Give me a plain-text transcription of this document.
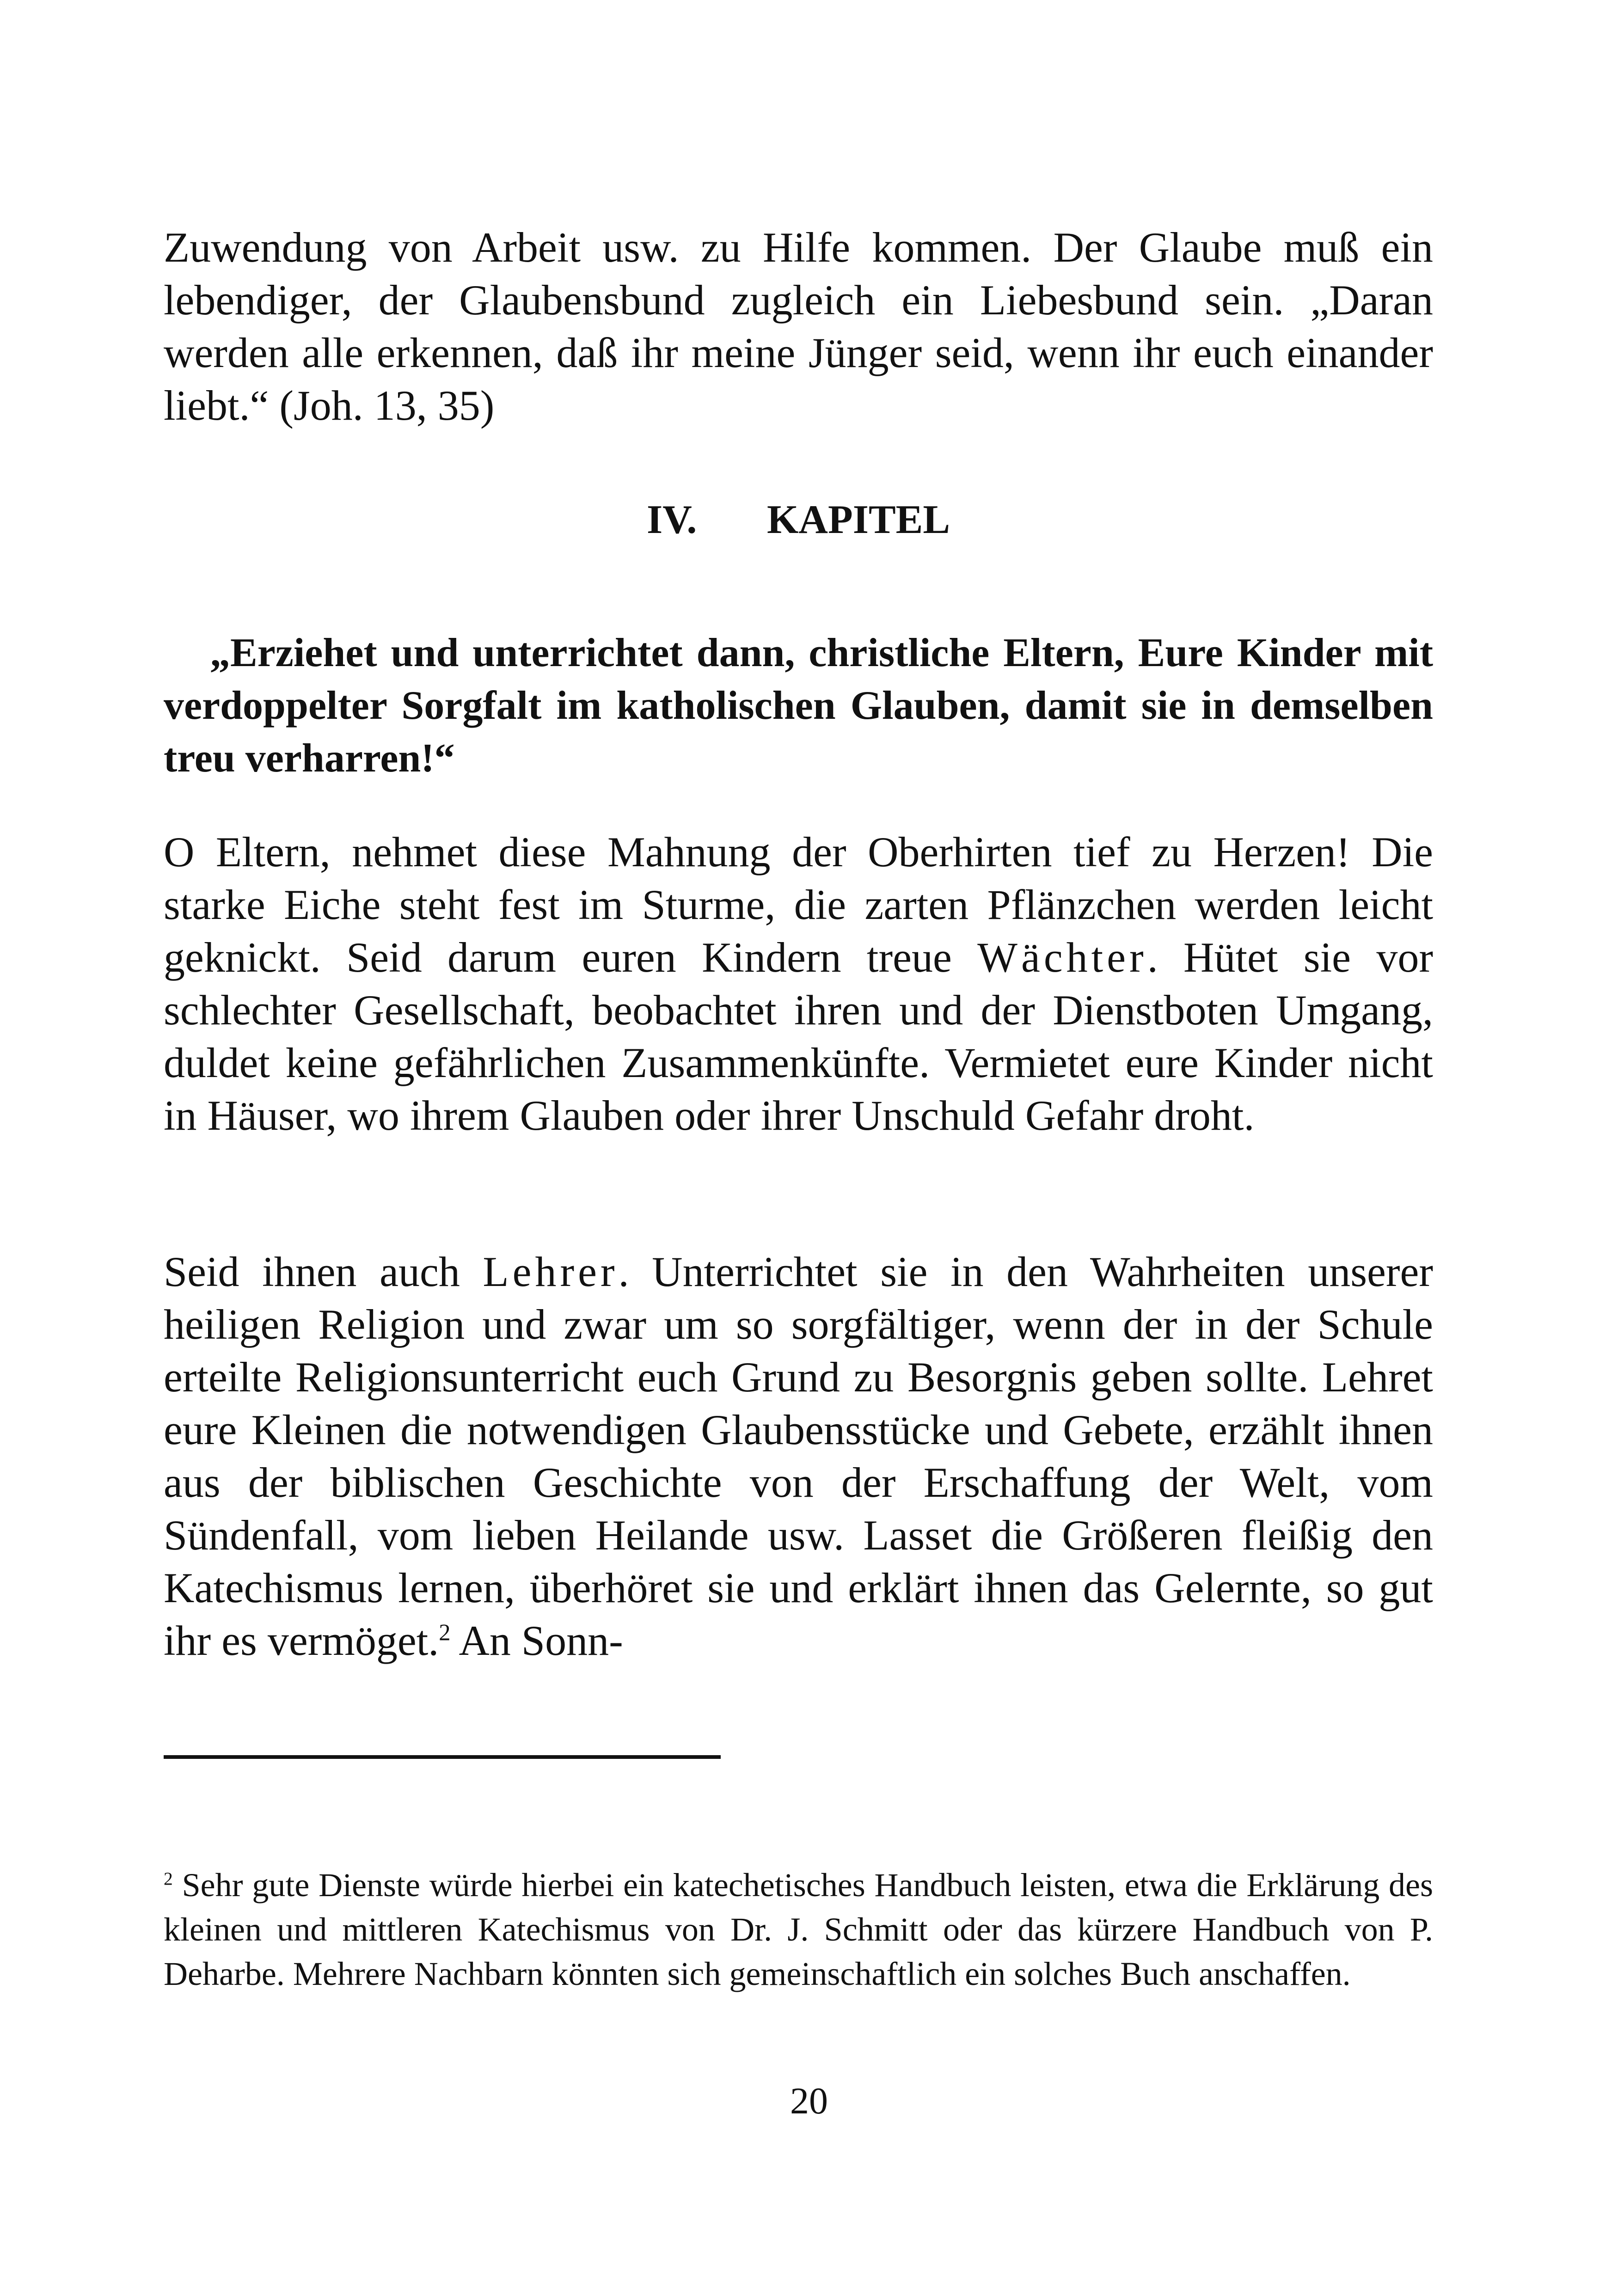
Zuwendung von Arbeit usw. zu Hilfe kommen. Der Glaube muß ein lebendiger, der Glaubensbund zugleich ein Liebesbund sein. „Daran werden alle erkennen, daß ihr meine Jünger seid, wenn ihr euch einander liebt.“ (Joh. 13, 35)

IV. KAPITEL

„Erziehet und unterrichtet dann, christliche Eltern, Eure Kinder mit verdoppelter Sorgfalt im katholischen Glauben, damit sie in demselben treu verharren!“

O Eltern, nehmet diese Mahnung der Oberhirten tief zu Herzen! Die starke Eiche steht fest im Sturme, die zarten Pflänzchen werden leicht geknickt. Seid darum euren Kindern treue Wächter. Hütet sie vor schlechter Gesellschaft, beobachtet ihren und der Dienstboten Umgang, duldet keine gefährlichen Zusammenkünfte. Vermietet eure Kinder nicht in Häuser, wo ihrem Glauben oder ihrer Unschuld Gefahr droht.

Seid ihnen auch Lehrer. Unterrichtet sie in den Wahrheiten unserer heiligen Religion und zwar um so sorgfältiger, wenn der in der Schule erteilte Religionsunterricht euch Grund zu Besorgnis geben sollte. Lehret eure Kleinen die notwendigen Glaubensstücke und Gebete, erzählt ihnen aus der biblischen Geschichte von der Erschaffung der Welt, vom Sündenfall, vom lieben Heilande usw. Lasset die Größeren fleißig den Katechismus lernen, überhöret sie und erklärt ihnen das Gelernte, so gut ihr es vermöget.$^2$ An Sonn-

$^2$ Sehr gute Dienste würde hierbei ein katechetisches Handbuch leisten, etwa die Erklärung des kleinen und mittleren Katechismus von Dr. J. Schmitt oder das kürzere Handbuch von P. Deharbe. Mehrere Nachbarn könnten sich gemeinschaftlich ein solches Buch anschaffen.

20
